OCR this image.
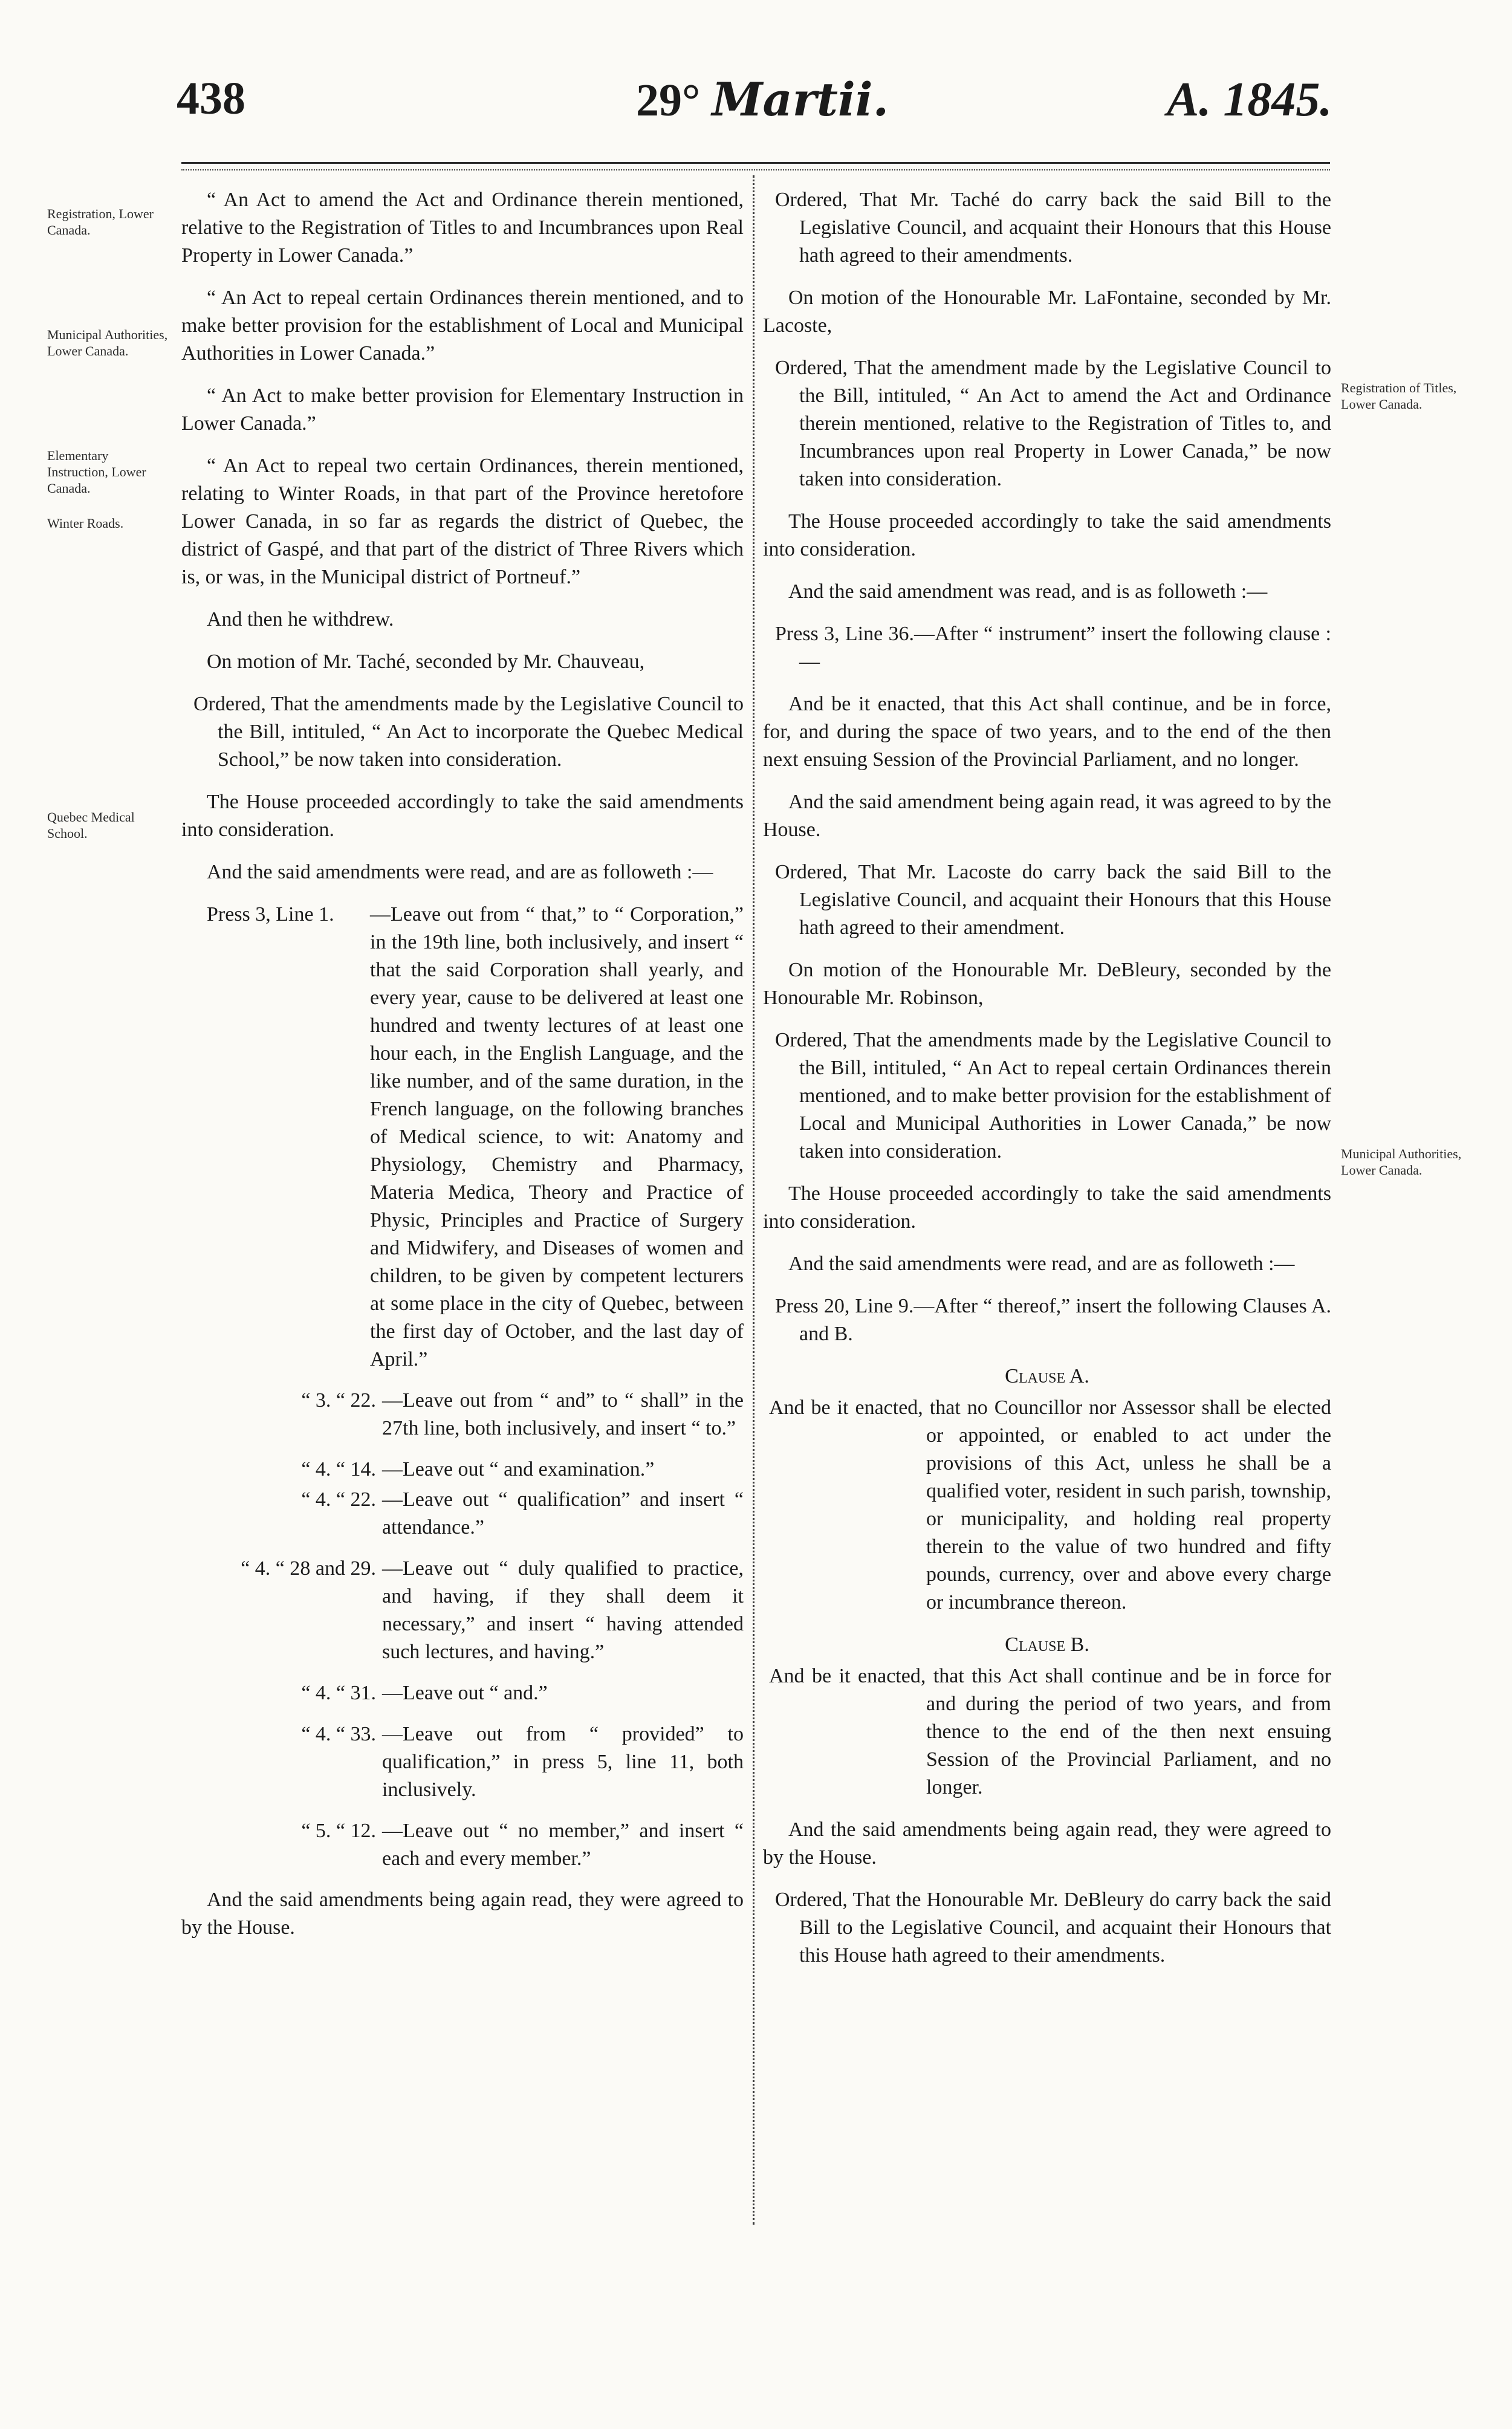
438	29° Martii.	A. 1845.
Registration, Lower Canada.
Municipal Authorities, Lower Canada.
Elementary Instruction, Lower Canada.
Winter Roads.
Quebec Medical School.
Registration of Titles, Lower Canada.
Municipal Authorities, Lower Canada.

“ An Act to amend the Act and Ordinance therein mentioned, relative to the Registration of Titles to and Incumbrances upon Real Property in Lower Canada.”

“ An Act to repeal certain Ordinances therein mentioned, and to make better provision for the establishment of Local and Municipal Authorities in Lower Canada.”

“ An Act to make better provision for Elementary Instruction in Lower Canada.”

“ An Act to repeal two certain Ordinances, therein mentioned, relating to Winter Roads, in that part of the Province heretofore Lower Canada, in so far as regards the district of Quebec, the district of Gaspé, and that part of the district of Three Rivers which is, or was, in the Municipal district of Portneuf.”

And then he withdrew.

On motion of Mr. Taché, seconded by Mr. Chauveau,

Ordered, That the amendments made by the Legislative Council to the Bill, intituled, “ An Act to incorporate the Quebec Medical School,” be now taken into consideration.

The House proceeded accordingly to take the said amendments into consideration.

And the said amendments were read, and are as followeth :—

Press 3, Line 1.	—Leave out from “ that,” to “ Corporation,” in the 19th line, both inclusively, and insert “ that the said Corporation shall yearly, and every year, cause to be delivered at least one hundred and twenty lectures of at least one hour each, in the English Language, and the like number, and of the same duration, in the French language, on the following branches of Medical science, to wit: Anatomy and Physiology, Chemistry and Pharmacy, Materia Medica, Theory and Practice of Physic, Principles and Practice of Surgery and Midwifery, and Diseases of women and children, to be given by competent lecturers at some place in the city of Quebec, between the first day of October, and the last day of April.”
“ 3. “ 22. —Leave out from “ and” to “ shall” in the 27th line, both inclusively, and insert “ to.”
“ 4. “ 14. —Leave out “ and examination.”
“ 4. “ 22. —Leave out “ qualification” and insert “ attendance.”
“ 4. “ 28 and 29. —Leave out “ duly qualified to practice, and having, if they shall deem it necessary,” and insert “ having attended such lectures, and having.”
“ 4. “ 31. —Leave out “ and.”
“ 4. “ 33. —Leave out from “ provided” to qualification,” in press 5, line 11, both inclusively.
“ 5. “ 12. —Leave out “ no member,” and insert “ each and every member.”

And the said amendments being again read, they were agreed to by the House.

Ordered, That Mr. Taché do carry back the said Bill to the Legislative Council, and acquaint their Honours that this House hath agreed to their amendments.

On motion of the Honourable Mr. LaFontaine, seconded by Mr. Lacoste,

Ordered, That the amendment made by the Legislative Council to the Bill, intituled, “ An Act to amend the Act and Ordinance therein mentioned, relative to the Registration of Titles to, and Incumbrances upon real Property in Lower Canada,” be now taken into consideration.

The House proceeded accordingly to take the said amendments into consideration.

And the said amendment was read, and is as followeth :—

Press 3, Line 36.—After “ instrument” insert the following clause :—

And be it enacted, that this Act shall continue, and be in force, for, and during the space of two years, and to the end of the then next ensuing Session of the Provincial Parliament, and no longer.

And the said amendment being again read, it was agreed to by the House.

Ordered, That Mr. Lacoste do carry back the said Bill to the Legislative Council, and acquaint their Honours that this House hath agreed to their amendment.

On motion of the Honourable Mr. DeBleury, seconded by the Honourable Mr. Robinson,

Ordered, That the amendments made by the Legislative Council to the Bill, intituled, “ An Act to repeal certain Ordinances therein mentioned, and to make better provision for the establishment of Local and Municipal Authorities in Lower Canada,” be now taken into consideration.

The House proceeded accordingly to take the said amendments into consideration.

And the said amendments were read, and are as followeth :—

Press 20, Line 9.—After “ thereof,” insert the following Clauses A. and B.

Clause A.

And be it enacted, that no Councillor nor Assessor shall be elected or appointed, or enabled to act under the provisions of this Act, unless he shall be a qualified voter, resident in such parish, township, or municipality, and holding real property therein to the value of two hundred and fifty pounds, currency, over and above every charge or incumbrance thereon.

Clause B.

And be it enacted, that this Act shall continue and be in force for and during the period of two years, and from thence to the end of the then next ensuing Session of the Provincial Parliament, and no longer.

And the said amendments being again read, they were agreed to by the House.

Ordered, That the Honourable Mr. DeBleury do carry back the said Bill to the Legislative Council, and acquaint their Honours that this House hath agreed to their amendments.
